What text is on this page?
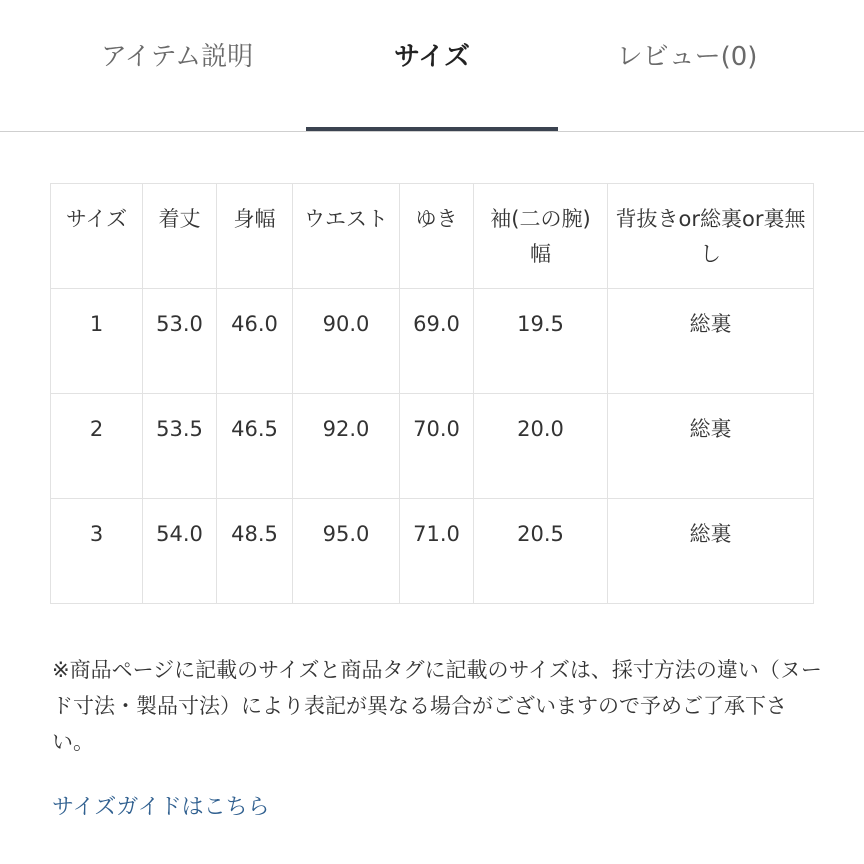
アイテム説明	サイズ	レビュー(0)
サイズ	着丈	身幅	ウエスト	ゆき	袖(二の腕)幅	背抜きor総裏or裏無し
1	53.0	46.0	90.0	69.0	19.5	総裏
2	53.5	46.5	92.0	70.0	20.0	総裏
3	54.0	48.5	95.0	71.0	20.5	総裏

※商品ページに記載のサイズと商品タグに記載のサイズは、採寸方法の違い（ヌード寸法・製品寸法）により表記が異なる場合がございますので予めご了承下さい。

サイズガイドはこちら
